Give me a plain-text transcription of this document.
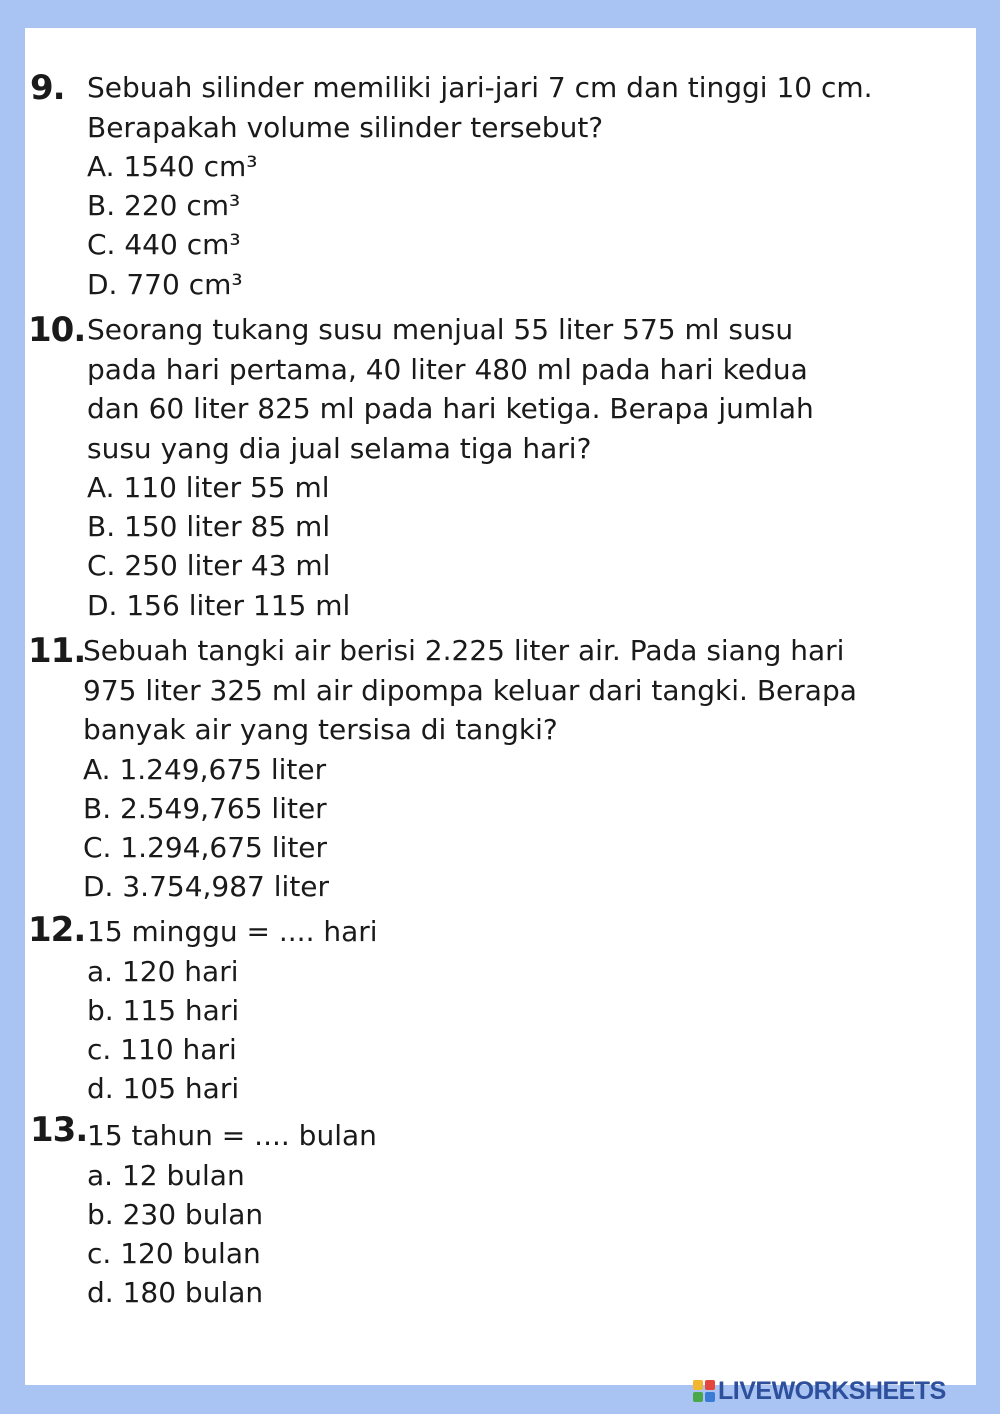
9. Sebuah silinder memiliki jari-jari 7 cm dan tinggi 10 cm.

Berapakah volume silinder tersebut?

A. 1540 cm³

B. 220 cm³

C. 440 cm³

D. 770 cm³

10. Seorang tukang susu menjual 55 liter 575 ml susu

pada hari pertama, 40 liter 480 ml pada hari kedua

dan 60 liter 825 ml pada hari ketiga. Berapa jumlah

susu yang dia jual selama tiga hari?

A. 110 liter 55 ml

B. 150 liter 85 ml

C. 250 liter 43 ml

D. 156 liter 115 ml

11.

Sebuah tangki air berisi 2.225 liter air. Pada siang hari

975 liter 325 ml air dipompa keluar dari tangki. Berapa

banyak air yang tersisa di tangki?

A. 1.249,675 liter

B. 2.549,765 liter

C. 1.294,675 liter

D. 3.754,987 liter

12. 15 minggu = .... hari

a. 120 hari

b. 115 hari

c. 110 hari

d. 105 hari

13. 15 tahun = .... bulan

a. 12 bulan

b. 230 bulan

c. 120 bulan

d. 180 bulan

LIVEWORKSHEETS
